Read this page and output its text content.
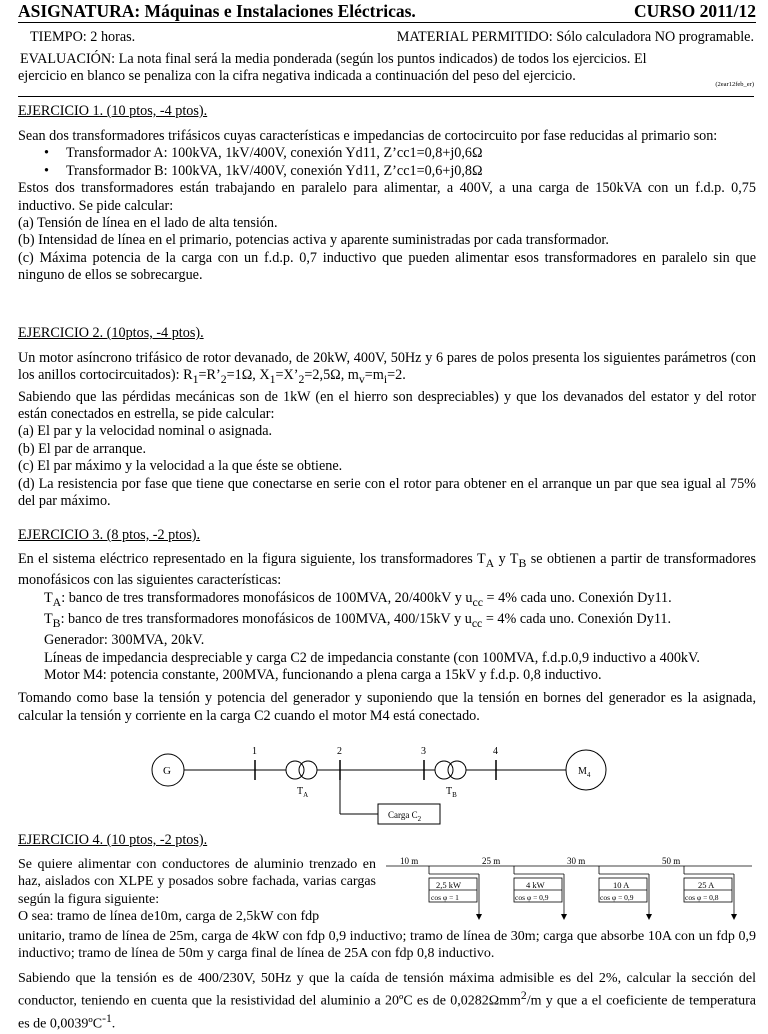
ASIGNATURA: Máquinas e Instalaciones Eléctricas.	CURSO 2011/12
TIEMPO: 2 horas.	MATERIAL PERMITIDO: Sólo calculadora NO programable.
EVALUACIÓN: La nota final será la media ponderada (según los puntos indicados) de todos los ejercicios. El
ejercicio en blanco se penaliza con la cifra negativa indicada a continuación del peso del ejercicio.
(2ear12feb_er)
EJERCICIO 1. (10 ptos, -4 ptos).

Sean dos transformadores trifásicos cuyas características e impedancias de cortocircuito por fase reducidas al primario son:

• Transformador A: 100kVA, 1kV/400V, conexión Yd11, Z’cc1=0,8+j0,6Ω
• Transformador B: 100kVA, 1kV/400V, conexión Yd11, Z’cc1=0,6+j0,8Ω

Estos dos transformadores están trabajando en paralelo para alimentar, a 400V, a una carga de 150kVA con un f.d.p. 0,75 inductivo. Se pide calcular:

(a) Tensión de línea en el lado de alta tensión.

(b) Intensidad de línea en el primario, potencias activa y aparente suministradas por cada transformador.

(c) Máxima potencia de la carga con un f.d.p. 0,7 inductivo que pueden alimentar esos transformadores en paralelo sin que ninguno de ellos se sobrecargue.

EJERCICIO 2. (10ptos, -4 ptos).

Un motor asíncrono trifásico de rotor devanado, de 20kW, 400V, 50Hz y 6 pares de polos presenta los siguientes parámetros (con los anillos cortocircuitados): $R_1=R’_2=1\Omega$, $X_1=X’_2=2,5\Omega$, $m_v=m_i=2$.

Sabiendo que las pérdidas mecánicas son de 1kW (en el hierro son despreciables) y que los devanados del estator y del rotor están conectados en estrella, se pide calcular:

(a) El par y la velocidad nominal o asignada.

(b) El par de arranque.

(c) El par máximo y la velocidad a la que éste se obtiene.

(d) La resistencia por fase que tiene que conectarse en serie con el rotor para obtener en el arranque un par que sea igual al 75% del par máximo.

EJERCICIO 3. (8 ptos, -2 ptos).

En el sistema eléctrico representado en la figura siguiente, los transformadores $T_A$ y $T_B$ se obtienen a partir de transformadores monofásicos con las siguientes características:

$T_A$: banco de tres transformadores monofásicos de 100MVA, 20/400kV y $u_{cc} = 4\%$ cada uno. Conexión Dy11.

$T_B$: banco de tres transformadores monofásicos de 100MVA, 400/15kV y $u_{cc} = 4\%$ cada uno. Conexión Dy11.

Generador: 300MVA, 20kV.

Líneas de impedancia despreciable y carga C2 de impedancia constante (con 100MVA, f.d.p.0,9 inductivo a 400kV.

Motor M4: potencia constante, 200MVA, funcionando a plena carga a 15kV y f.d.p. 0,8 inductivo.

Tomando como base la tensión y potencia del generador y suponiendo que la tensión en bornes del generador es la asignada, calcular la tensión y corriente en la carga C2 cuando el motor M4 está conectado.

1	2	3	4
G
$T_A$	$T_B$
$M_4$
Carga $C_2$
EJERCICIO 4. (10 ptos, -2 ptos).

Se quiere alimentar con conductores de aluminio trenzado en haz, aislados con XLPE y posados sobre fachada, varias cargas según la figura siguiente:

O sea: tramo de línea de10m, carga de 2,5kW con fdp

unitario, tramo de línea de 25m, carga de 4kW con fdp 0,9 inductivo; tramo de línea de 30m; carga que absorbe 10A con un fdp 0,9 inductivo; tramo de línea de 50m y carga final de línea de 25A con fdp 0,8 inductivo.
Sabiendo que la tensión es de 400/230V, 50Hz y que la caída de tensión máxima admisible es del 2%, calcular la sección del conductor, teniendo en cuenta que la resistividad del aluminio a 20ºC es de 0,0282Ωmm$^2$/m y que a el coeficiente de temperatura es de 0,0039ºC$^{-1}$.
10 m	25 m	30 m	50 m
2,5 kW
cos φ = 1
4 kW
cos φ = 0,9
10 A
cos φ = 0,9
25 A
cos φ = 0,8
